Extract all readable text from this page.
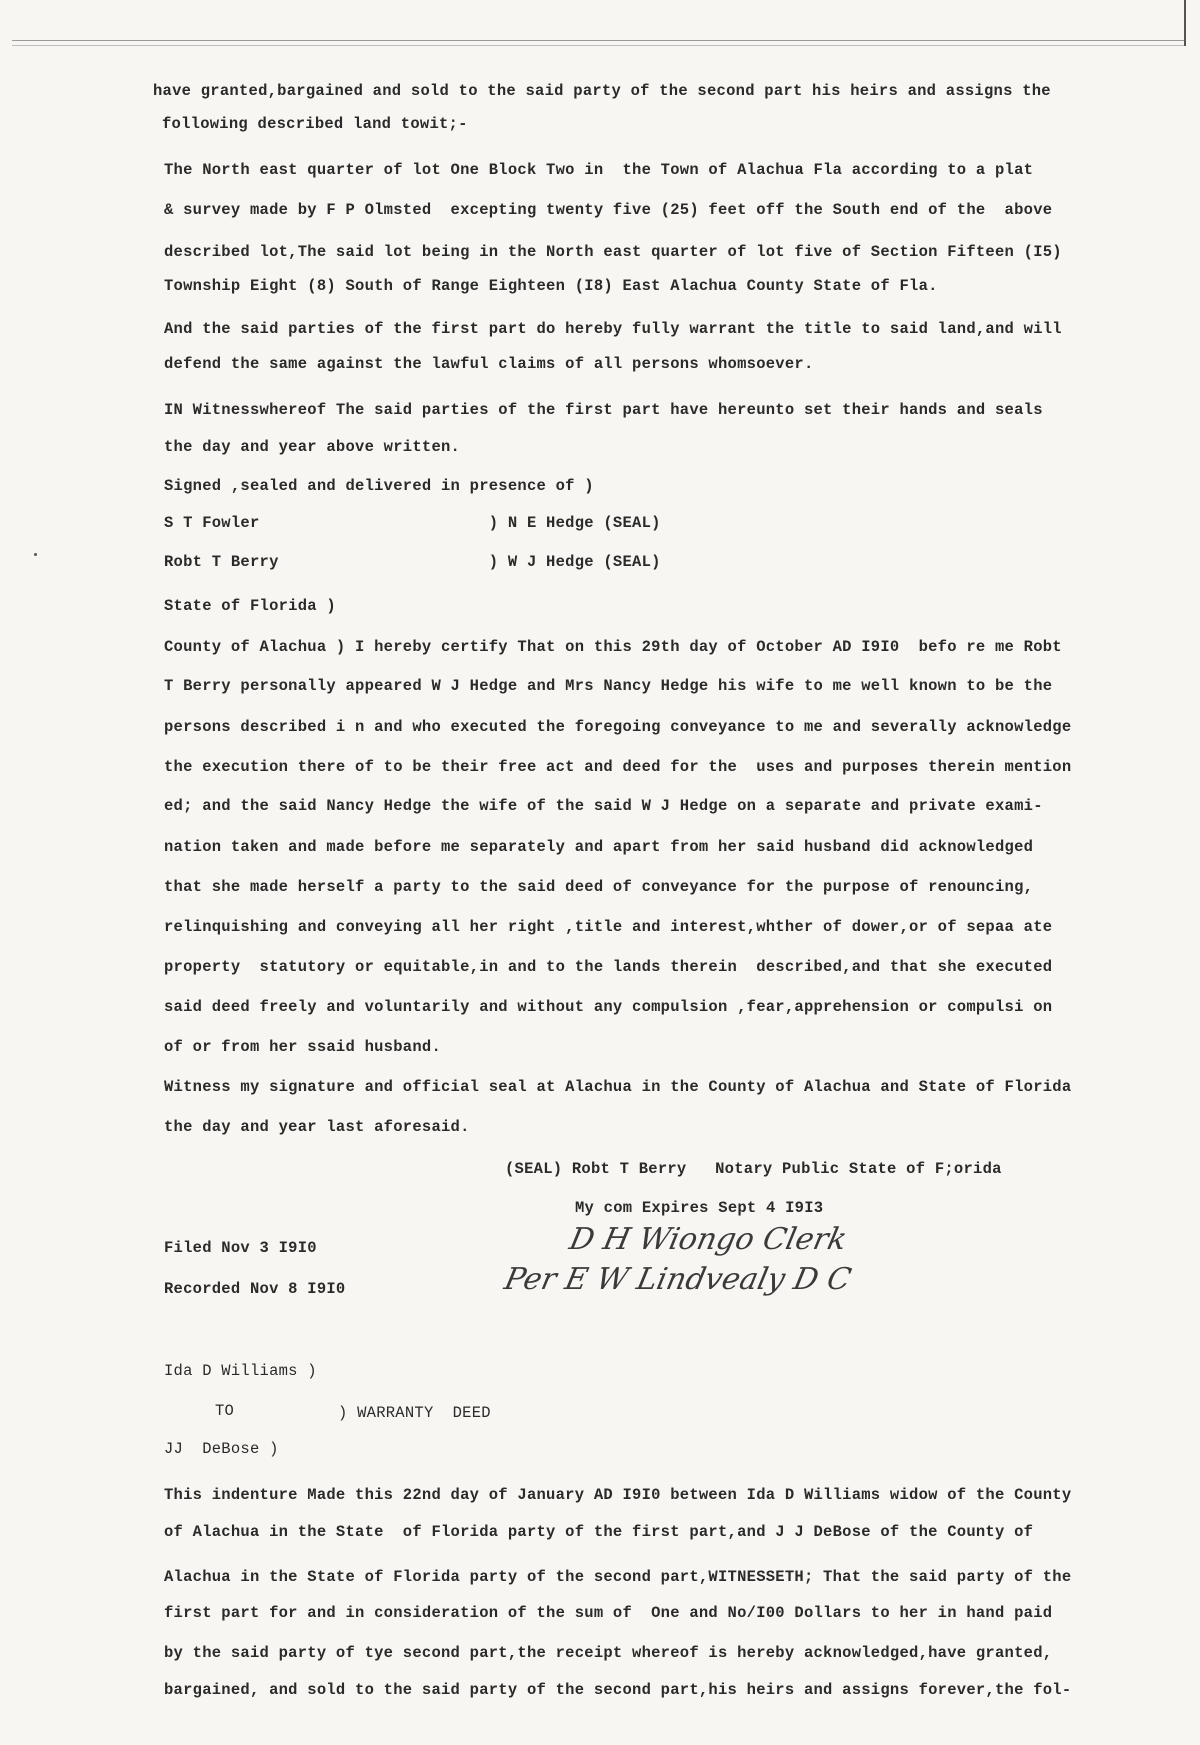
have granted,bargained and sold to the said party of the second part his heirs and assigns the
following described land towit;-
The North east quarter of lot One Block Two in  the Town of Alachua Fla according to a plat
& survey made by F P Olmsted  excepting twenty five (25) feet off the South end of the  above
described lot,The said lot being in the North east quarter of lot five of Section Fifteen (I5)
Township Eight (8) South of Range Eighteen (I8) East Alachua County State of Fla.
And the said parties of the first part do hereby fully warrant the title to said land,and will
defend the same against the lawful claims of all persons whomsoever.
IN Witnesswhereof The said parties of the first part have hereunto set their hands and seals
the day and year above written.
Signed ,sealed and delivered in presence of )
S T Fowler                        ) N E Hedge (SEAL)
Robt T Berry                      ) W J Hedge (SEAL)
State of Florida )
County of Alachua ) I hereby certify That on this 29th day of October AD I9I0  befo re me Robt
T Berry personally appeared W J Hedge and Mrs Nancy Hedge his wife to me well known to be the
persons described i n and who executed the foregoing conveyance to me and severally acknowledge
the execution there of to be their free act and deed for the  uses and purposes therein mention
ed; and the said Nancy Hedge the wife of the said W J Hedge on a separate and private exami-
nation taken and made before me separately and apart from her said husband did acknowledged
that she made herself a party to the said deed of conveyance for the purpose of renouncing,
relinquishing and conveying all her right ,title and interest,whther of dower,or of sepaa ate
property  statutory or equitable,in and to the lands therein  described,and that she executed
said deed freely and voluntarily and without any compulsion ,fear,apprehension or compulsi on
of or from her ssaid husband.
Witness my signature and official seal at Alachua in the County of Alachua and State of Florida
the day and year last aforesaid.
(SEAL) Robt T Berry   Notary Public State of F;orida
My com Expires Sept 4 I9I3
Filed Nov 3 I9I0
Recorded Nov 8 I9I0
Ida D Williams )
TO	) WARRANTY  DEED
JJ  DeBose )
This indenture Made this 22nd day of January AD I9I0 between Ida D Williams widow of the County
of Alachua in the State  of Florida party of the first part,and J J DeBose of the County of
Alachua in the State of Florida party of the second part,WITNESSETH; That the said party of the
first part for and in consideration of the sum of  One and No/I00 Dollars to her in hand paid
by the said party of tye second part,the receipt whereof is hereby acknowledged,have granted,
bargained, and sold to the said party of the second part,his heirs and assigns forever,the fol-
D H Wiongo Clerk
Per E W Lindvealy D C
